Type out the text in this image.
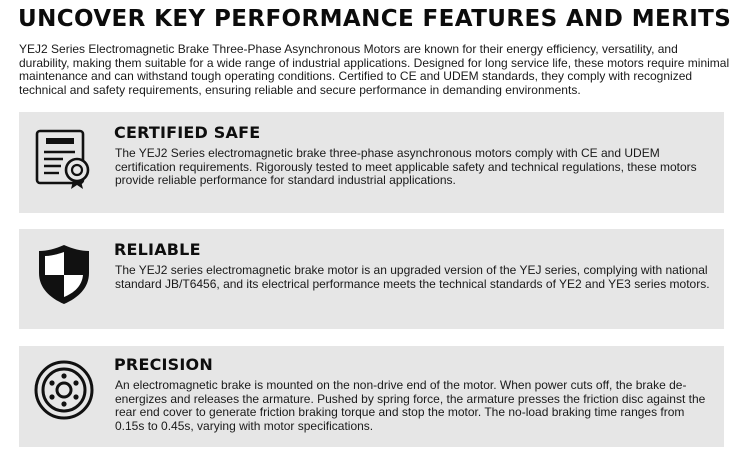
UNCOVER KEY PERFORMANCE FEATURES AND MERITS

YEJ2 Series Electromagnetic Brake Three-Phase Asynchronous Motors are known for their energy efficiency, versatility, and durability, making them suitable for a wide range of industrial applications. Designed for long service life, these motors require minimal maintenance and can withstand tough operating conditions. Certified to CE and UDEM standards, they comply with recognized technical and safety requirements, ensuring reliable and secure performance in demanding environments.

CERTIFIED SAFE

The YEJ2 Series electromagnetic brake three-phase asynchronous motors comply with CE and UDEM certification requirements. Rigorously tested to meet applicable safety and technical regulations, these motors provide reliable performance for standard industrial applications.

RELIABLE

The YEJ2 series electromagnetic brake motor is an upgraded version of the YEJ series, complying with national standard JB/T6456, and its electrical performance meets the technical standards of YE2 and YE3 series motors.

PRECISION

An electromagnetic brake is mounted on the non-drive end of the motor. When power cuts off, the brake de-energizes and releases the armature. Pushed by spring force, the armature presses the friction disc against the rear end cover to generate friction braking torque and stop the motor. The no-load braking time ranges from 0.15s to 0.45s, varying with motor specifications.
